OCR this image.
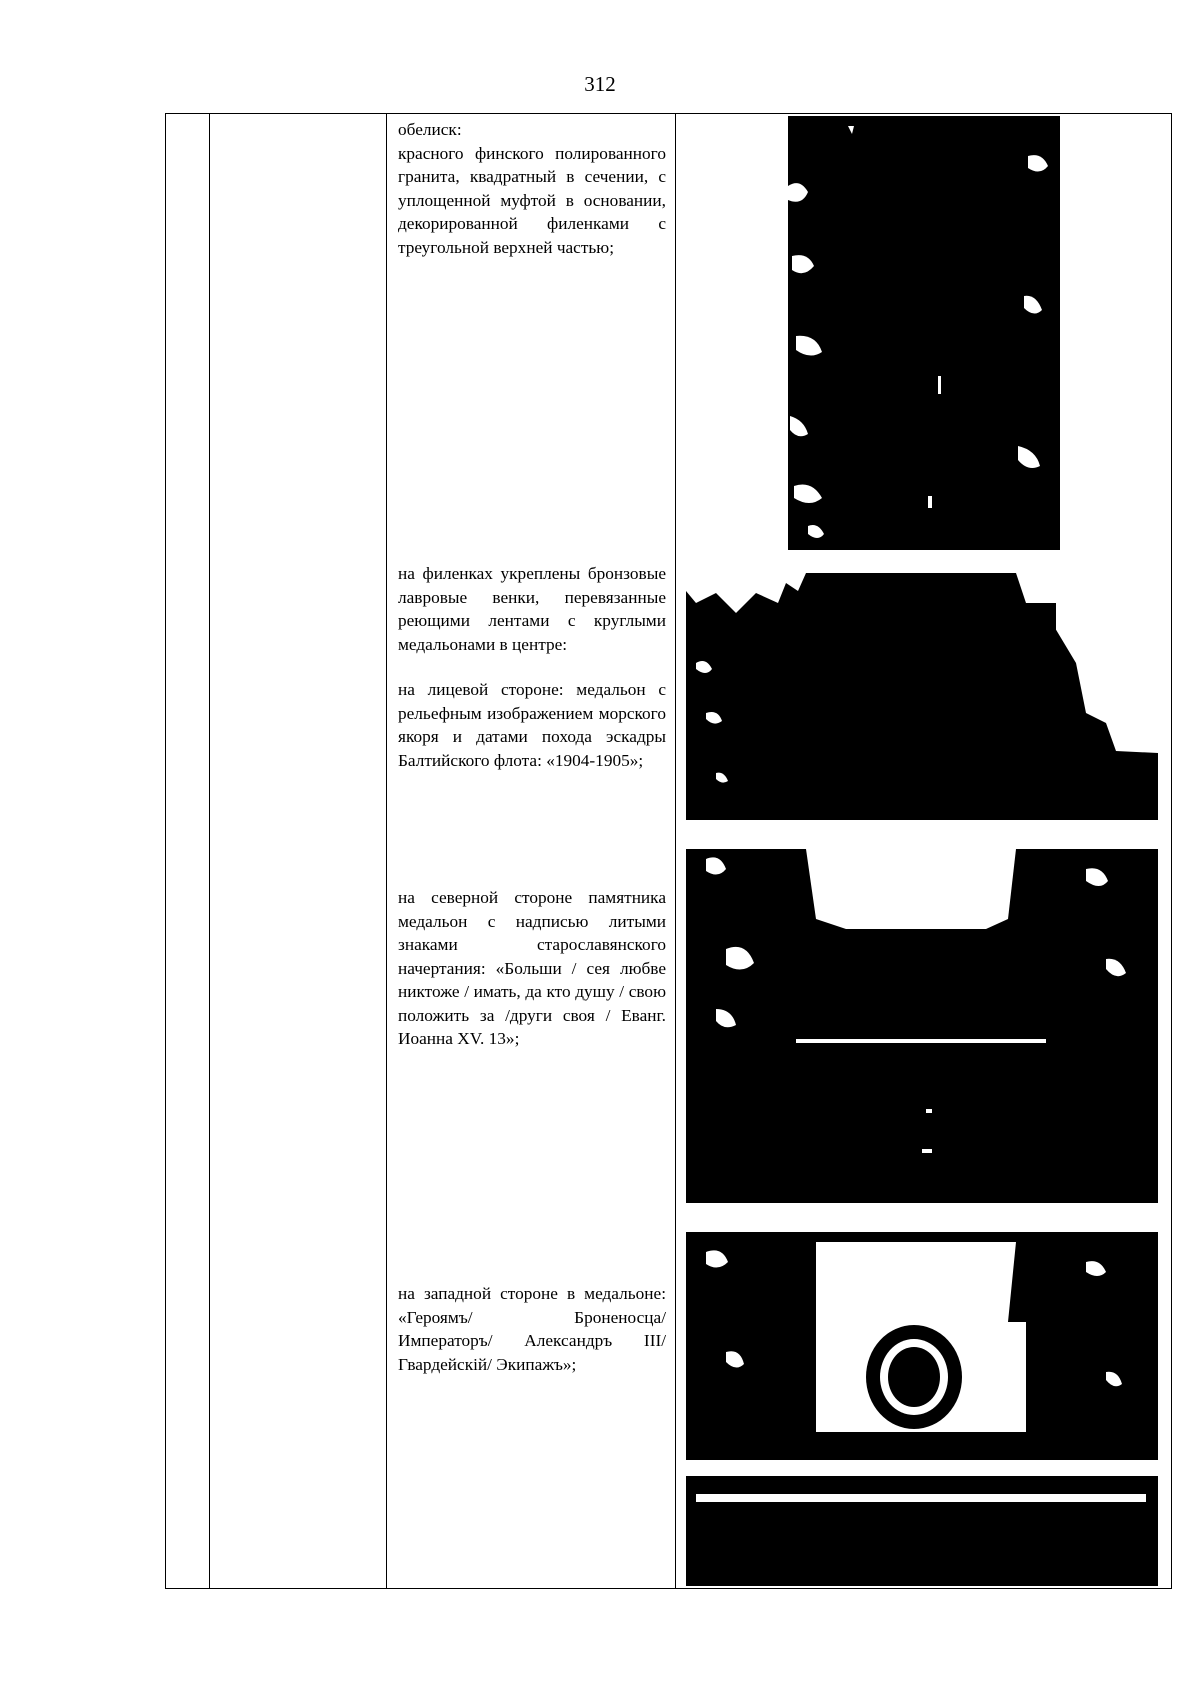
312

обелиск:

красного финского полированного гранита, квадратный в сечении, с уплощенной муфтой в основании, декорированной филенками с треугольной верхней частью;

на филенках укреплены бронзовые лавровые венки, перевязанные реющими лентами с круглыми медальонами в центре:

на лицевой стороне: медальон с рельефным изображением морского якоря и датами похода эскадры Балтийского флота: «1904-1905»;

на северной стороне памятника медальон с надписью литыми знаками старославянского начертания: «Больши / сея любве никтоже / имать, да кто душу / свою положить за /други своя / Еванг. Иоанна XV. 13»;

на западной стороне в медальоне: «Героямъ/ Броненосца/ Императоръ/ Александръ III/ Гвардейскій/ Экипажъ»;
